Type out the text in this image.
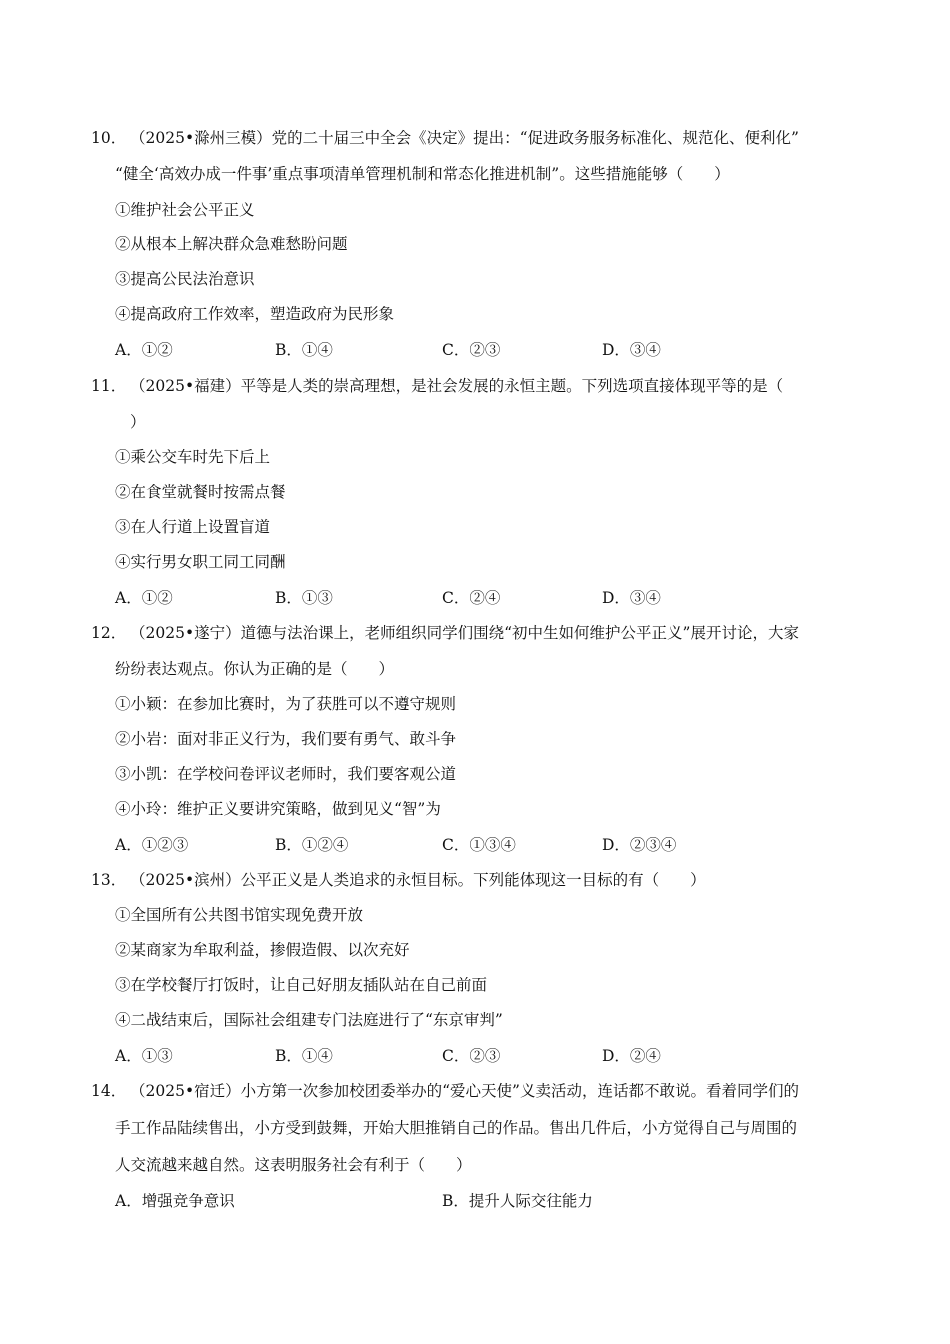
10． （2025•滁州三模）党的二十届三中全会《决定》提出：“促进政务服务标准化、规范化、便利化”
“健全‘高效办成一件事’重点事项清单管理机制和常态化推进机制”。这些措施能够（　　）
①维护社会公平正义
②从根本上解决群众急难愁盼问题
③提高公民法治意识
④提高政府工作效率，塑造政府为民形象
A．①②	B．①④	C．②③	D．③④
11． （2025•福建）平等是人类的崇高理想，是社会发展的永恒主题。下列选项直接体现平等的是（
）
①乘公交车时先下后上
②在食堂就餐时按需点餐
③在人行道上设置盲道
④实行男女职工同工同酬
A．①②	B．①③	C．②④	D．③④
12． （2025•遂宁）道德与法治课上，老师组织同学们围绕“初中生如何维护公平正义”展开讨论，大家
纷纷表达观点。你认为正确的是（　　）
①小颖：在参加比赛时，为了获胜可以不遵守规则
②小岩：面对非正义行为，我们要有勇气、敢斗争
③小凯：在学校问卷评议老师时，我们要客观公道
④小玲：维护正义要讲究策略，做到见义“智”为
A．①②③	B．①②④	C．①③④	D．②③④
13． （2025•滨州）公平正义是人类追求的永恒目标。下列能体现这一目标的有（　　）
①全国所有公共图书馆实现免费开放
②某商家为牟取利益，掺假造假、以次充好
③在学校餐厅打饭时，让自己好朋友插队站在自己前面
④二战结束后，国际社会组建专门法庭进行了“东京审判”
A．①③	B．①④	C．②③	D．②④
14． （2025•宿迁）小方第一次参加校团委举办的“爱心天使”义卖活动，连话都不敢说。看着同学们的
手工作品陆续售出，小方受到鼓舞，开始大胆推销自己的作品。售出几件后，小方觉得自己与周围的
人交流越来越自然。这表明服务社会有利于（　　）
A．增强竞争意识	B．提升人际交往能力
